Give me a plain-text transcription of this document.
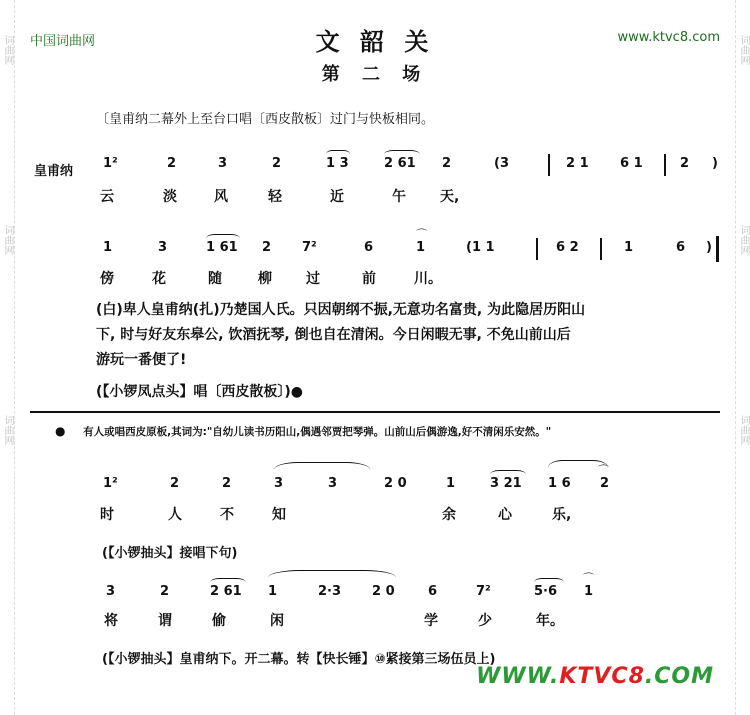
词曲网
词曲网
词曲网
词曲网
词曲网
词曲网
中国词曲网	www.ktvc8.com
文 韶 关
第 二 场
〔皇甫纳二幕外上至台口唱〔西皮散板〕过门与快板相同。
皇甫纳
1²	2	3	2	1 3	2 61 2	(3	2 1 6 1	2 )
云	淡	风	轻	近	午 天,
1	3	1 61 2 7²	6	1	(1 1	6 2	1	6 )
⌒
傍	花	随	柳 过	前	川。
(白)卑人皇甫纳(扎)乃楚国人氏。只因朝纲不振,无意功名富贵, 为此隐居历阳山
下, 时与好友东皋公, 饮酒抚琴, 倒也自在清闲。今日闲暇无事, 不免山前山后
游玩一番便了!
(【小锣凤点头】唱〔西皮散板〕)●
● 有人或唱西皮原板,其词为:"自幼儿读书历阳山,偶遇邻贾把琴弹。山前山后偶游逸,好不清闲乐安然。"
1²	2	2	3	3	2 0	1	3 21 1 6 2
⌒
时	人	不	知	余	心	乐,
(【小锣抽头】接唱下句)
3	2	2 61 1	2·3 2 0	6	7²	5·6 1
⌒
将	谓	偷	闲	学	少	年。
(【小锣抽头】皇甫纳下。开二幕。转【快长锤】⑩紧接第三场伍员上)
WWW.KTVC8.COM
